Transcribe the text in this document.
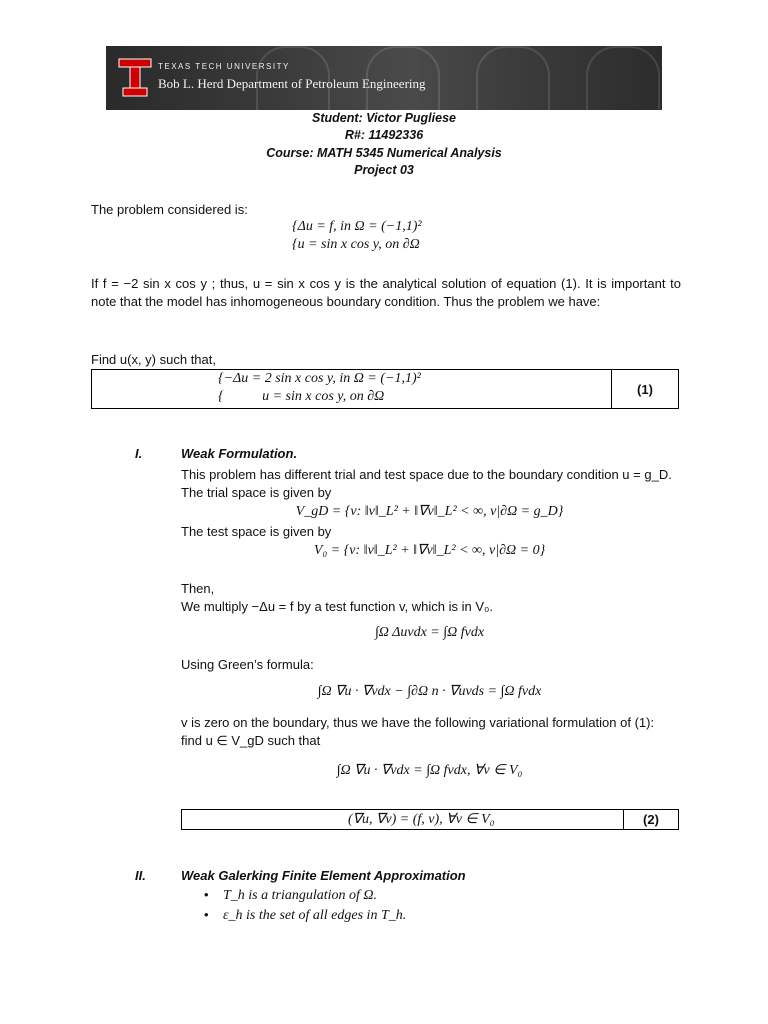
TEXAS TECH UNIVERSITY
Bob L. Herd Department of Petroleum Engineering
Student: Victor Pugliese
R#: 11492336
Course: MATH 5345 Numerical Analysis
Project 03
The problem considered is:
{Δu = f, in Ω = (−1,1)²
{u = sin x cos y, on ∂Ω
If f = −2 sin x cos y ; thus, u = sin x cos y is the analytical solution of equation (1). It is important to note that the model has inhomogeneous boundary condition. Thus the problem we have:
Find u(x, y) such that,
{−Δu = 2 sin x cos y, in Ω = (−1,1)²
{           u = sin x cos y, on ∂Ω	(1)
I.	Weak Formulation.
This problem has different trial and test space due to the boundary condition u = g_D. The trial space is given by
V_gD = {v: ‖v‖_L² + ‖∇v‖_L² < ∞, v|∂Ω = g_D}
The test space is given by
V₀ = {v: ‖v‖_L² + ‖∇v‖_L² < ∞, v|∂Ω = 0}
Then,
We multiply −Δu = f by a test function v, which is in V₀.
∫Ω Δuvdx = ∫Ω fvdx
Using Green’s formula:
∫Ω ∇u · ∇vdx − ∫∂Ω n · ∇uvds = ∫Ω fvdx
v is zero on the boundary, thus we have the following variational formulation of (1): find u ∈ V_gD such that
∫Ω ∇u · ∇vdx = ∫Ω fvdx, ∀v ∈ V₀
(∇u, ∇v) = (f, v), ∀v ∈ V₀	(2)
II.	Weak Galerking Finite Element Approximation
•    T_h is a triangulation of Ω.
•    ε_h is the set of all edges in T_h.
